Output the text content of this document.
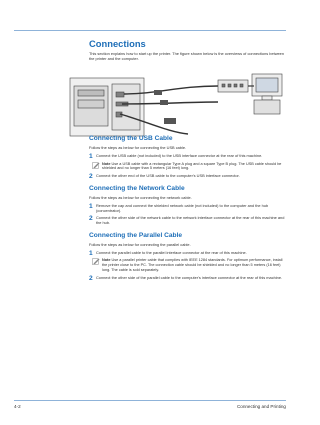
Connections

This section explains how to start up the printer. The figure shown below is the overviews of connections between the printer and the computer.

Connecting the USB Cable

Follow the steps as below for connecting the USB cable.

1 Connect the USB cable (not included) to the USB interface connector at the rear of this machine.
Note Use a USB cable with a rectangular Type A plug and a square Type B plug. The USB cable should be shielded and no longer than 5 meters (16 feet) long.
2 Connect the other end of the USB cable to the computer's USB interface connector.
Connecting the Network Cable

Follow the steps as below for connecting the network cable.

1 Remove the cap and connect the shielded network cable (not included) to the computer and the hub (concentrator).
2 Connect the other side of the network cable to the network interface connector at the rear of this machine and the hub.
Connecting the Parallel Cable

Follow the steps as below for connecting the parallel cable.

1 Connect the parallel cable to the parallel interface connector at the rear of this machine.
Note Use a parallel printer cable that complies with IEEE 1284 standards. For optimum performance, install the printer close to the PC. The connection cable should be shielded and no longer than 5 meters (16 feet) long. The cable is sold separately.
2 Connect the other side of the parallel cable to the computer's interface connector at the rear of this machine.
4-2	Connecting and Printing
